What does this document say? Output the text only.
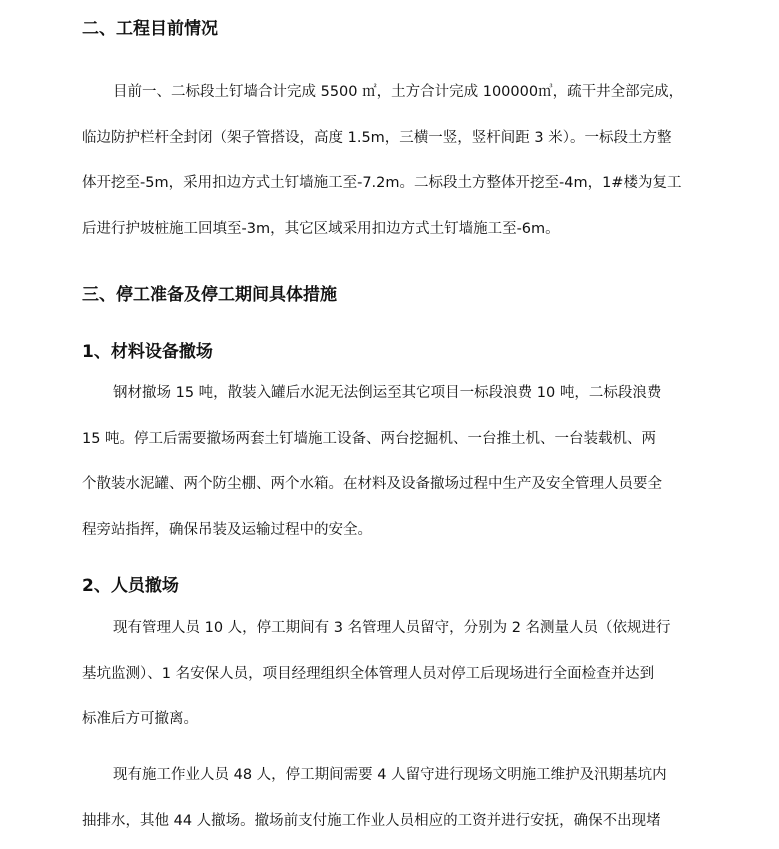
二、工程目前情况
目前一、二标段土钉墙合计完成 5500 ㎡，土方合计完成 100000㎥，疏干井全部完成，
临边防护栏杆全封闭（架子管搭设，高度 1.5m，三横一竖，竖杆间距 3 米）。一标段土方整
体开挖至-5m，采用扣边方式土钉墙施工至-7.2m。二标段土方整体开挖至-4m，1#楼为复工
后进行护坡桩施工回填至-3m，其它区域采用扣边方式土钉墙施工至-6m。
三、停工准备及停工期间具体措施
1、材料设备撤场
钢材撤场 15 吨，散装入罐后水泥无法倒运至其它项目一标段浪费 10 吨，二标段浪费
15 吨。停工后需要撤场两套土钉墙施工设备、两台挖掘机、一台推土机、一台装载机、两
个散装水泥罐、两个防尘棚、两个水箱。在材料及设备撤场过程中生产及安全管理人员要全
程旁站指挥，确保吊装及运输过程中的安全。
2、人员撤场
现有管理人员 10 人，停工期间有 3 名管理人员留守，分别为 2 名测量人员（依规进行
基坑监测）、1 名安保人员，项目经理组织全体管理人员对停工后现场进行全面检查并达到
标准后方可撤离。
现有施工作业人员 48 人，停工期间需要 4 人留守进行现场文明施工维护及汛期基坑内
抽排水，其他 44 人撤场。撤场前支付施工作业人员相应的工资并进行安抚，确保不出现堵
